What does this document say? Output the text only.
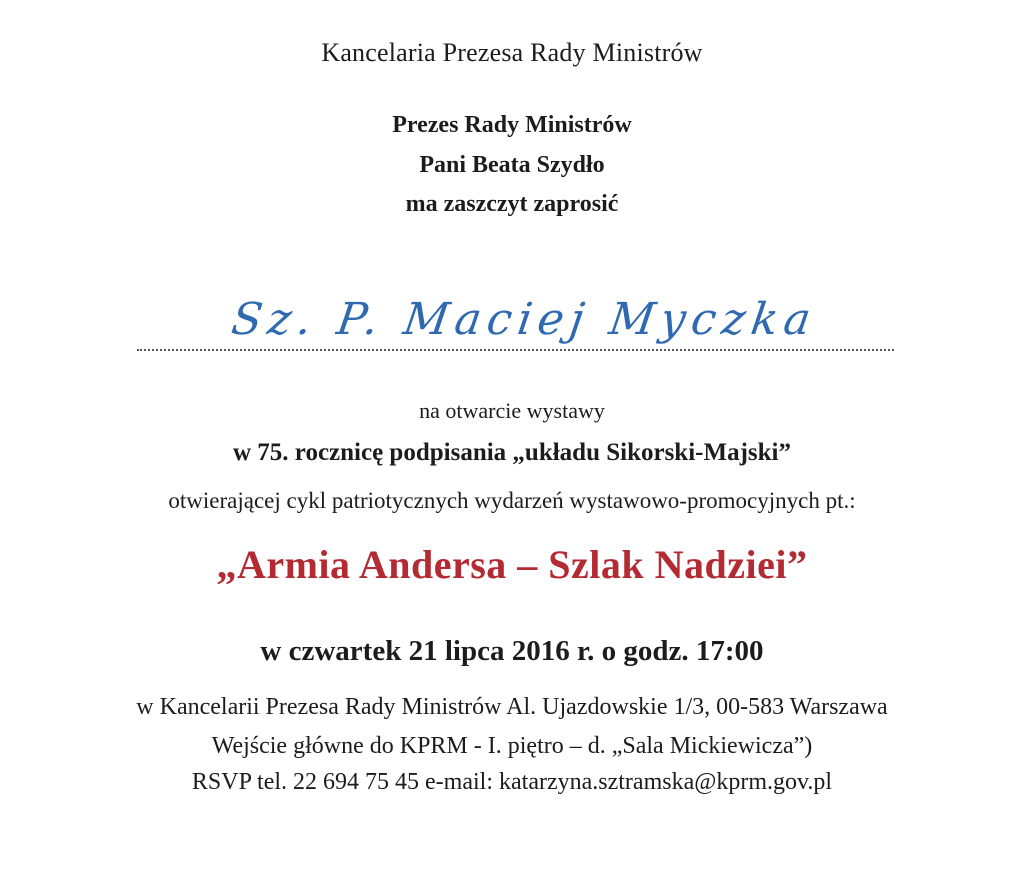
Kancelaria Prezesa Rady Ministrów
Prezes Rady Ministrów
Pani Beata Szydło
ma zaszczyt zaprosić
Sz. P. Maciej Myczka
na otwarcie wystawy
w 75. rocznicę podpisania „układu Sikorski-Majski”
otwierającej cykl patriotycznych wydarzeń wystawowo-promocyjnych pt.:
„Armia Andersa – Szlak Nadziei”
w czwartek 21 lipca 2016 r. o godz. 17:00
w Kancelarii Prezesa Rady Ministrów Al. Ujazdowskie 1/3, 00-583 Warszawa
Wejście główne do KPRM - I. piętro – d. „Sala Mickiewicza”)
RSVP tel. 22 694 75 45 e-mail: katarzyna.sztramska@kprm.gov.pl
